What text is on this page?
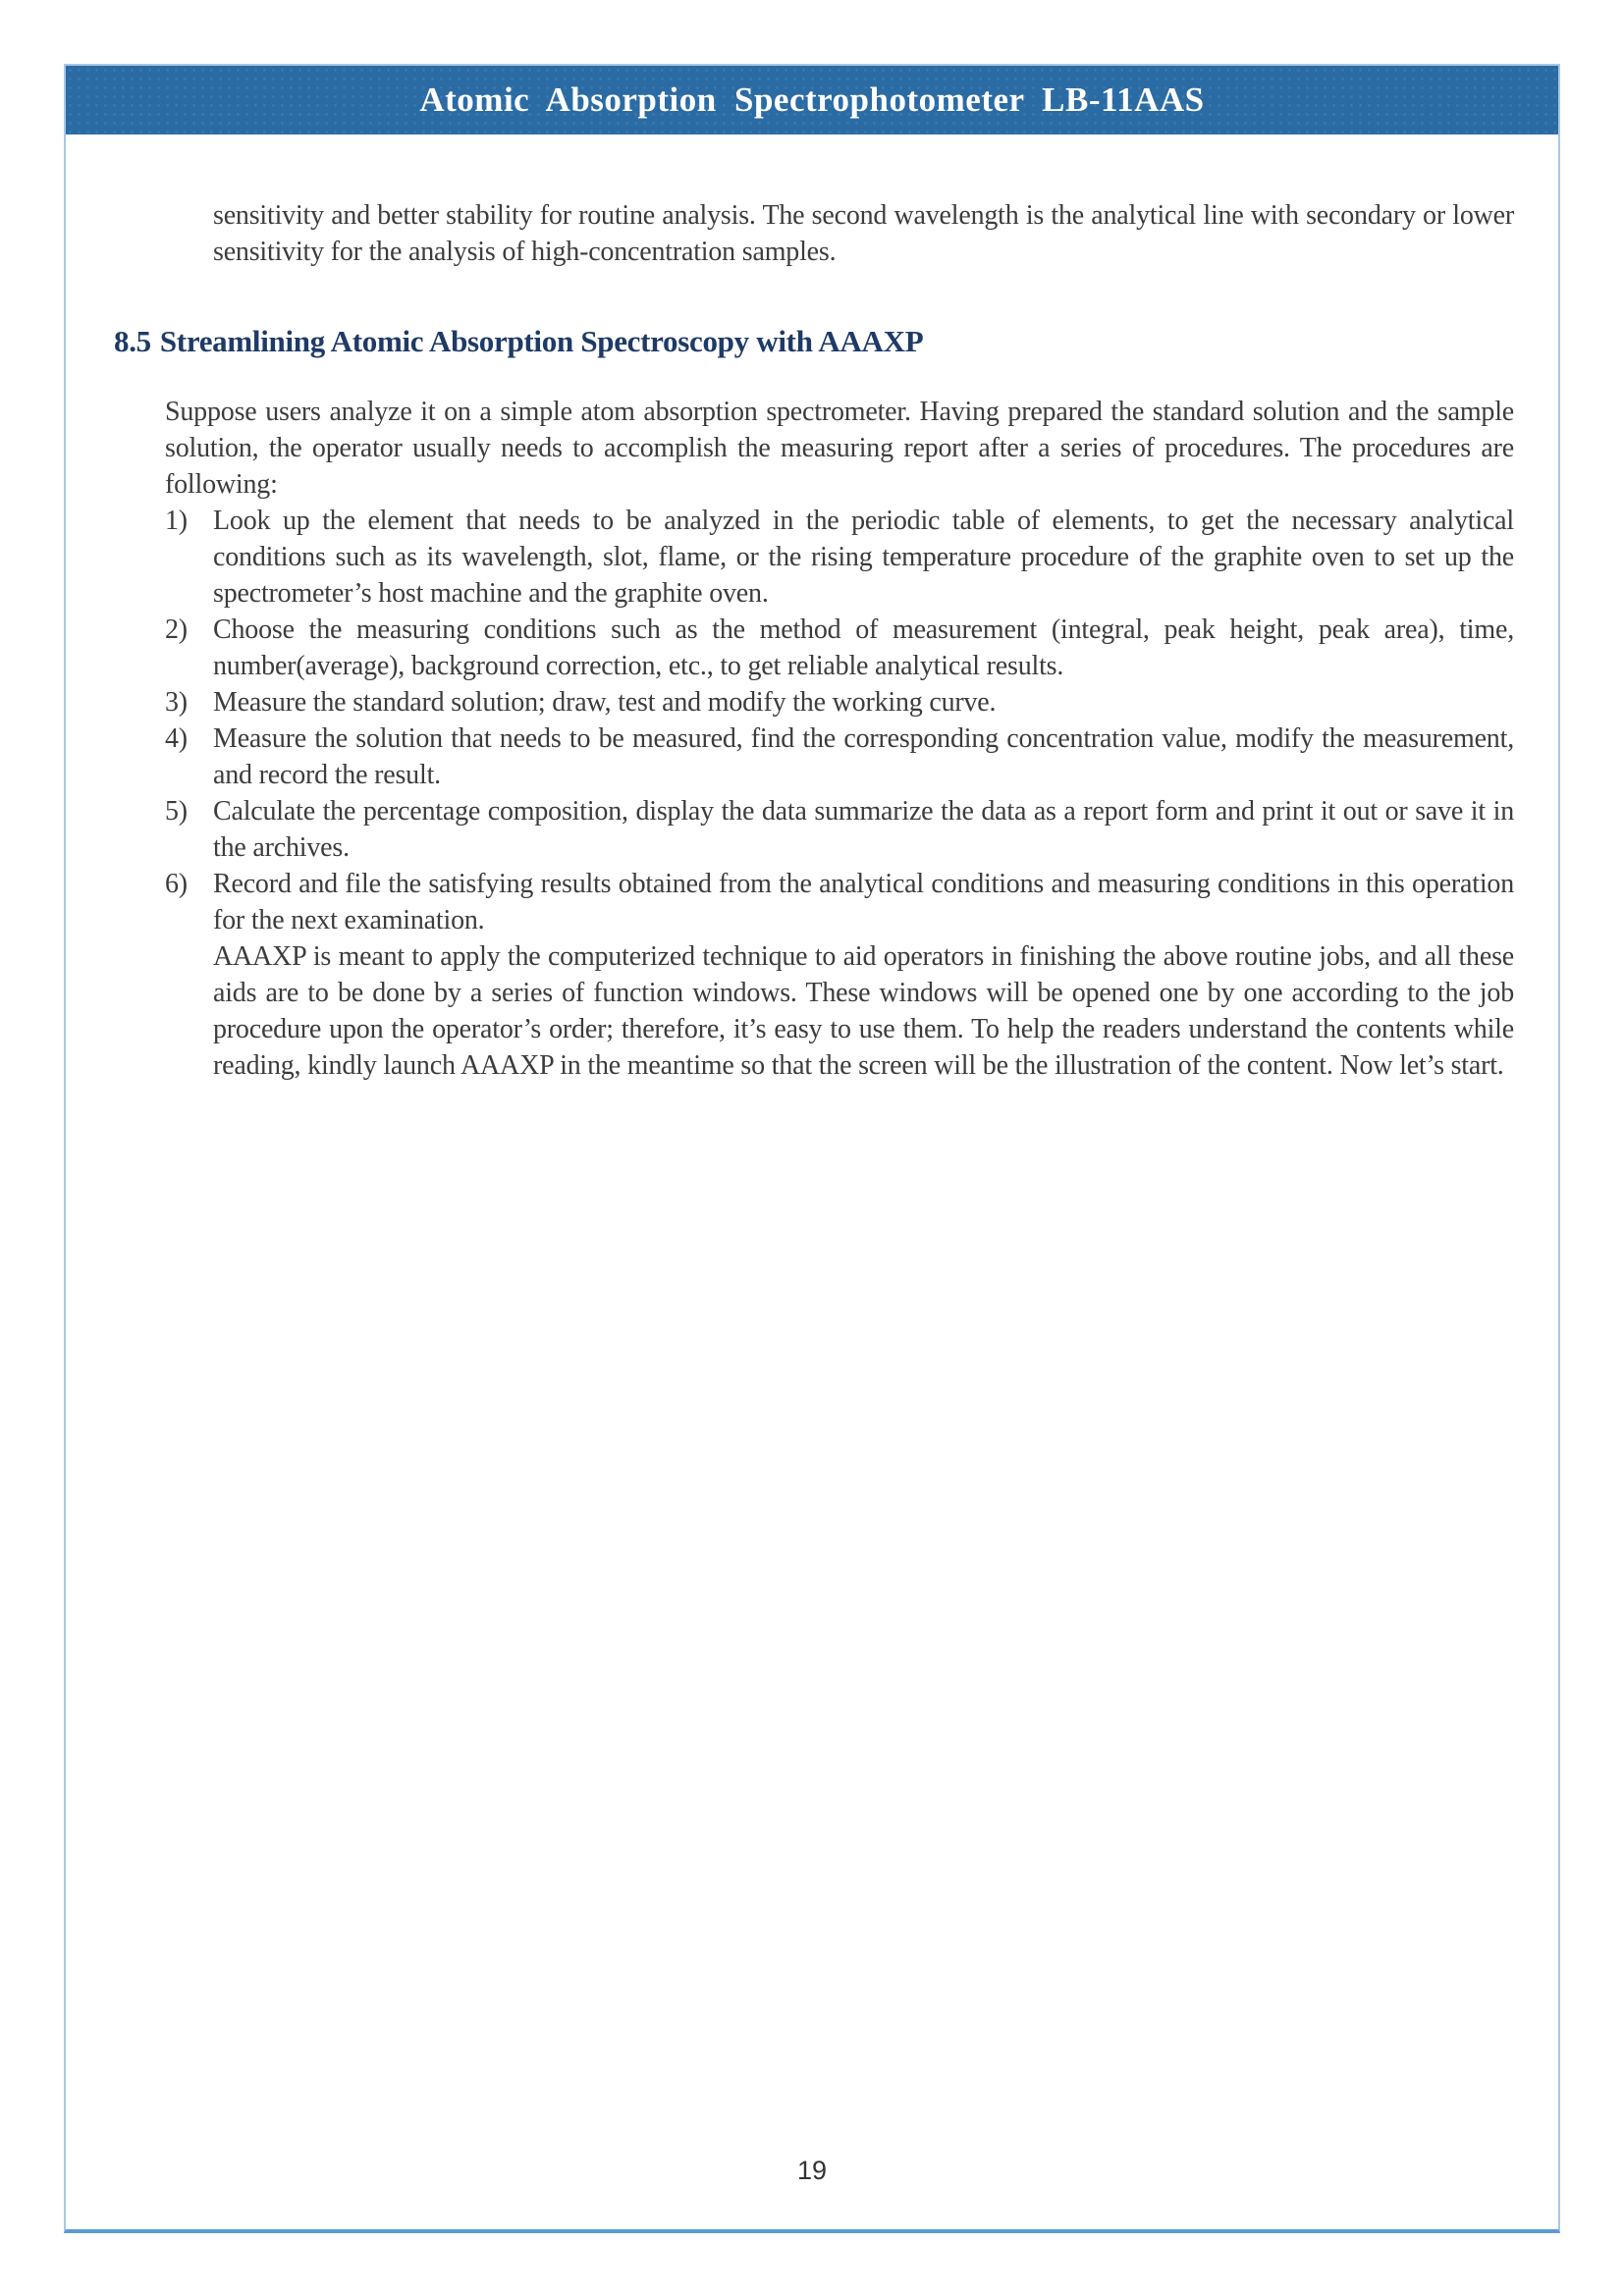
Atomic Absorption Spectrophotometer LB-11AAS

sensitivity and better stability for routine analysis. The second wavelength is the analytical line with secondary or lower sensitivity for the analysis of high-concentration samples.

8.5 Streamlining Atomic Absorption Spectroscopy with AAAXP

Suppose users analyze it on a simple atom absorption spectrometer. Having prepared the standard solution and the sample solution, the operator usually needs to accomplish the measuring report after a series of procedures. The procedures are following:

1) Look up the element that needs to be analyzed in the periodic table of elements, to get the necessary analytical conditions such as its wavelength, slot, flame, or the rising temperature procedure of the graphite oven to set up the spectrometer’s host machine and the graphite oven.
2) Choose the measuring conditions such as the method of measurement (integral, peak height, peak area), time, number(average), background correction, etc., to get reliable analytical results.
3) Measure the standard solution; draw, test and modify the working curve.
4) Measure the solution that needs to be measured, find the corresponding concentration value, modify the measurement, and record the result.
5) Calculate the percentage composition, display the data summarize the data as a report form and print it out or save it in the archives.
6) Record and file the satisfying results obtained from the analytical conditions and measuring conditions in this operation for the next examination.

AAAXP is meant to apply the computerized technique to aid operators in finishing the above routine jobs, and all these aids are to be done by a series of function windows. These windows will be opened one by one according to the job procedure upon the operator’s order; therefore, it’s easy to use them. To help the readers understand the contents while reading, kindly launch AAAXP in the meantime so that the screen will be the illustration of the content. Now let’s start.

19
